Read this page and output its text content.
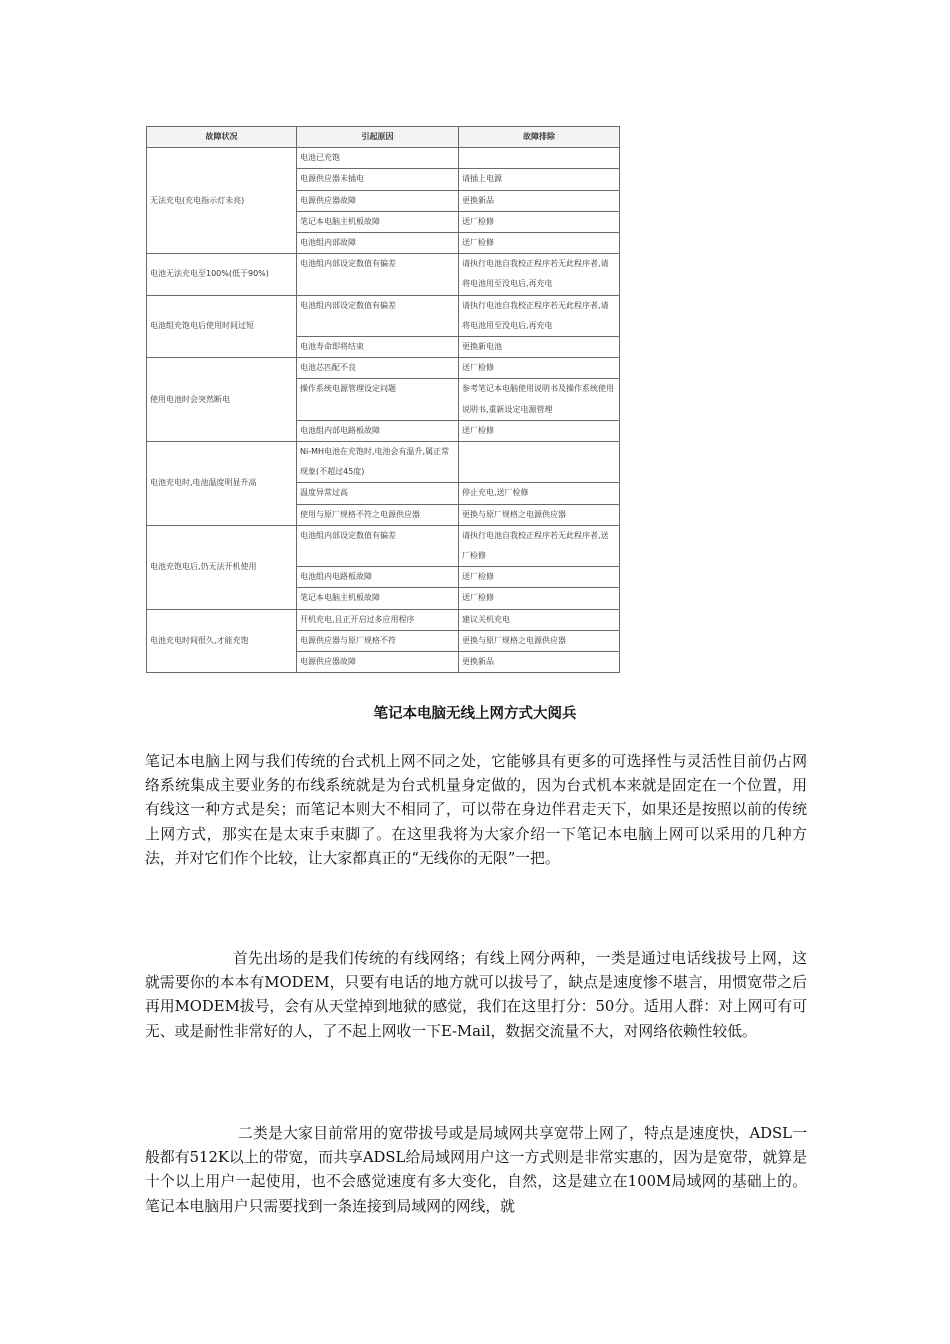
故障状况	引起原因	故障排除
无法充电(充电指示灯未亮)	电池已充饱	
	电源供应器未插电	请插上电源
	电源供应器故障	更换新品
	笔记本电脑主机板故障	送厂检修
	电池组内部故障	送厂检修
电池无法充电至100%(低于90%)	电池组内部设定数值有偏差	请执行电池自我校正程序若无此程序者,请将电池用至没电后,再充电
电池组充饱电后使用时间过短	电池组内部设定数值有偏差	请执行电池自我校正程序若无此程序者,请将电池用至没电后,再充电
	电池寿命即将结束	更换新电池
使用电池时会突然断电	电池芯匹配不良	送厂检修
	操作系统电源管理设定问题	参考笔记本电脑使用说明书及操作系统使用说明书,重新设定电源管理
	电池组内部电路板故障	送厂检修
电池充电时,电池温度明显升高	Ni-MH电池在充饱时,电池会有温升,属正常现象(不超过45度)	
	温度异常过高	停止充电,送厂检修
	使用与原厂规格不符之电源供应器	更换与原厂规格之电源供应器
电池充饱电后,仍无法开机使用	电池组内部设定数值有偏差	请执行电池自我校正程序若无此程序者,送厂检修
	电池组内电路板故障	送厂检修
	笔记本电脑主机板故障	送厂检修
电池充电时间很久,才能充饱	开机充电,且正开启过多应用程序	建议关机充电
	电源供应器与原厂规格不符	更换与原厂规格之电源供应器
	电源供应器故障	更换新品
笔记本电脑无线上网方式大阅兵

笔记本电脑上网与我们传统的台式机上网不同之处，它能够具有更多的可选择性与灵活性目前仍占网络系统集成主要业务的布线系统就是为台式机量身定做的，因为台式机本来就是固定在一个位置，用有线这一种方式是矣；而笔记本则大不相同了，可以带在身边伴君走天下，如果还是按照以前的传统上网方式，那实在是太束手束脚了。在这里我将为大家介绍一下笔记本电脑上网可以采用的几种方法，并对它们作个比较，让大家都真正的“无线你的无限”一把。

首先出场的是我们传统的有线网络；有线上网分两种，一类是通过电话线拔号上网，这就需要你的本本有MODEM，只要有电话的地方就可以拔号了，缺点是速度惨不堪言，用惯宽带之后再用MODEM拔号，会有从天堂掉到地狱的感觉，我们在这里打分：50分。适用人群：对上网可有可无、或是耐性非常好的人，了不起上网收一下E-Mail，数据交流量不大，对网络依赖性较低。

二类是大家目前常用的宽带拔号或是局域网共享宽带上网了，特点是速度快，ADSL一般都有512K以上的带宽，而共享ADSL给局域网用户这一方式则是非常实惠的，因为是宽带，就算是十个以上用户一起使用，也不会感觉速度有多大变化，自然，这是建立在100M局域网的基础上的。笔记本电脑用户只需要找到一条连接到局域网的网线，就
